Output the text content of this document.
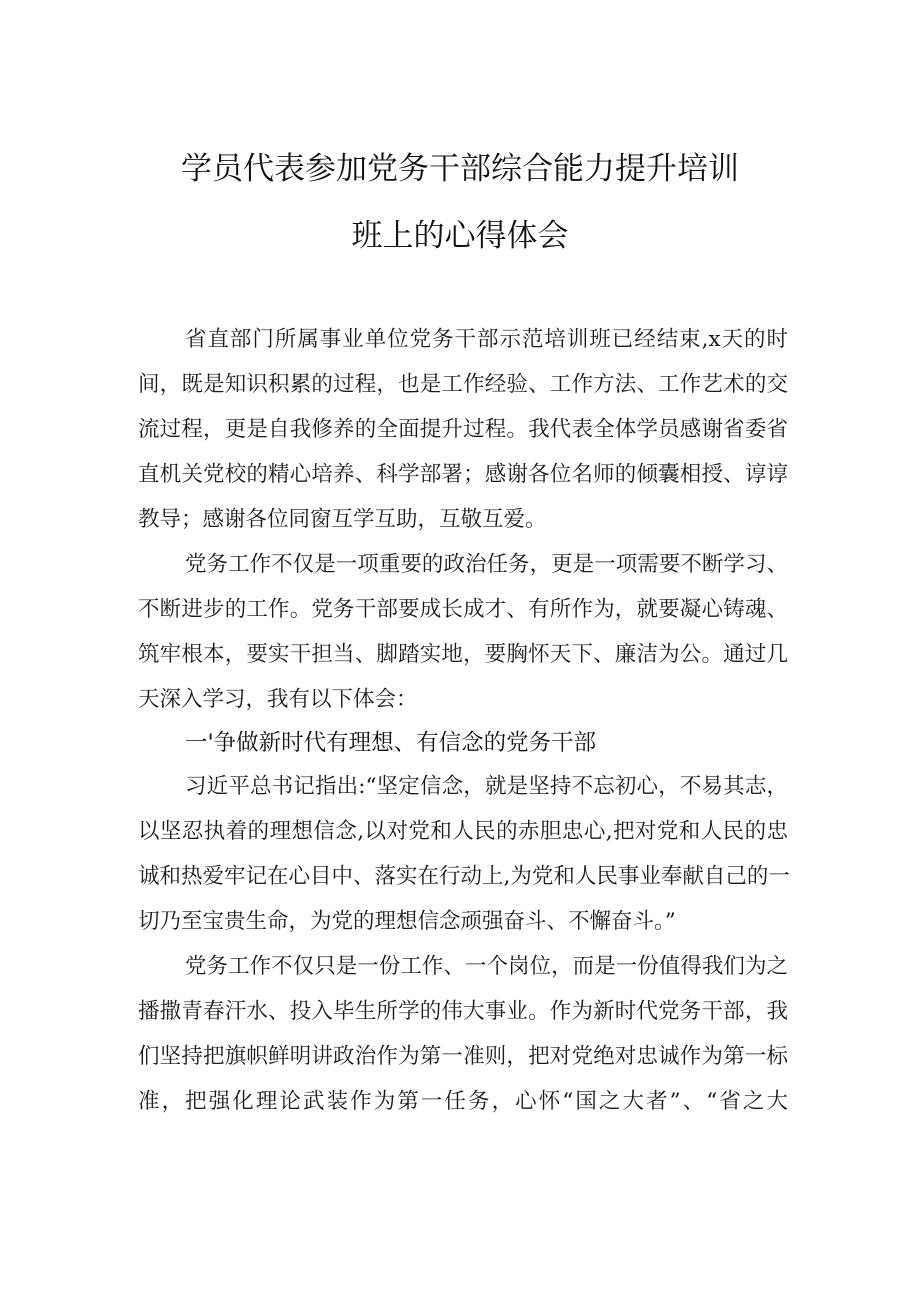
学员代表参加党务干部综合能力提升培训
班上的心得体会
省直部门所属事业单位党务干部示范培训班已经结束,x天的时
间，既是知识积累的过程，也是工作经验、工作方法、工作艺术的交
流过程，更是自我修养的全面提升过程。我代表全体学员感谢省委省
直机关党校的精心培养、科学部署；感谢各位名师的倾囊相授、谆谆
教导；感谢各位同窗互学互助，互敬互爱。
党务工作不仅是一项重要的政治任务，更是一项需要不断学习、
不断进步的工作。党务干部要成长成才、有所作为，就要凝心铸魂、
筑牢根本，要实干担当、脚踏实地，要胸怀天下、廉洁为公。通过几
天深入学习，我有以下体会：
一'争做新时代有理想、有信念的党务干部
习近平总书记指出:“坚定信念，就是坚持不忘初心，不易其志，
以坚忍执着的理想信念,以对党和人民的赤胆忠心,把对党和人民的忠
诚和热爱牢记在心目中、落实在行动上,为党和人民事业奉献自己的一
切乃至宝贵生命，为党的理想信念顽强奋斗、不懈奋斗。”
党务工作不仅只是一份工作、一个岗位，而是一份值得我们为之
播撒青春汗水、投入毕生所学的伟大事业。作为新时代党务干部，我
们坚持把旗帜鲜明讲政治作为第一准则，把对党绝对忠诚作为第一标
准，把强化理论武装作为第一任务，心怀“国之大者”、“省之大
